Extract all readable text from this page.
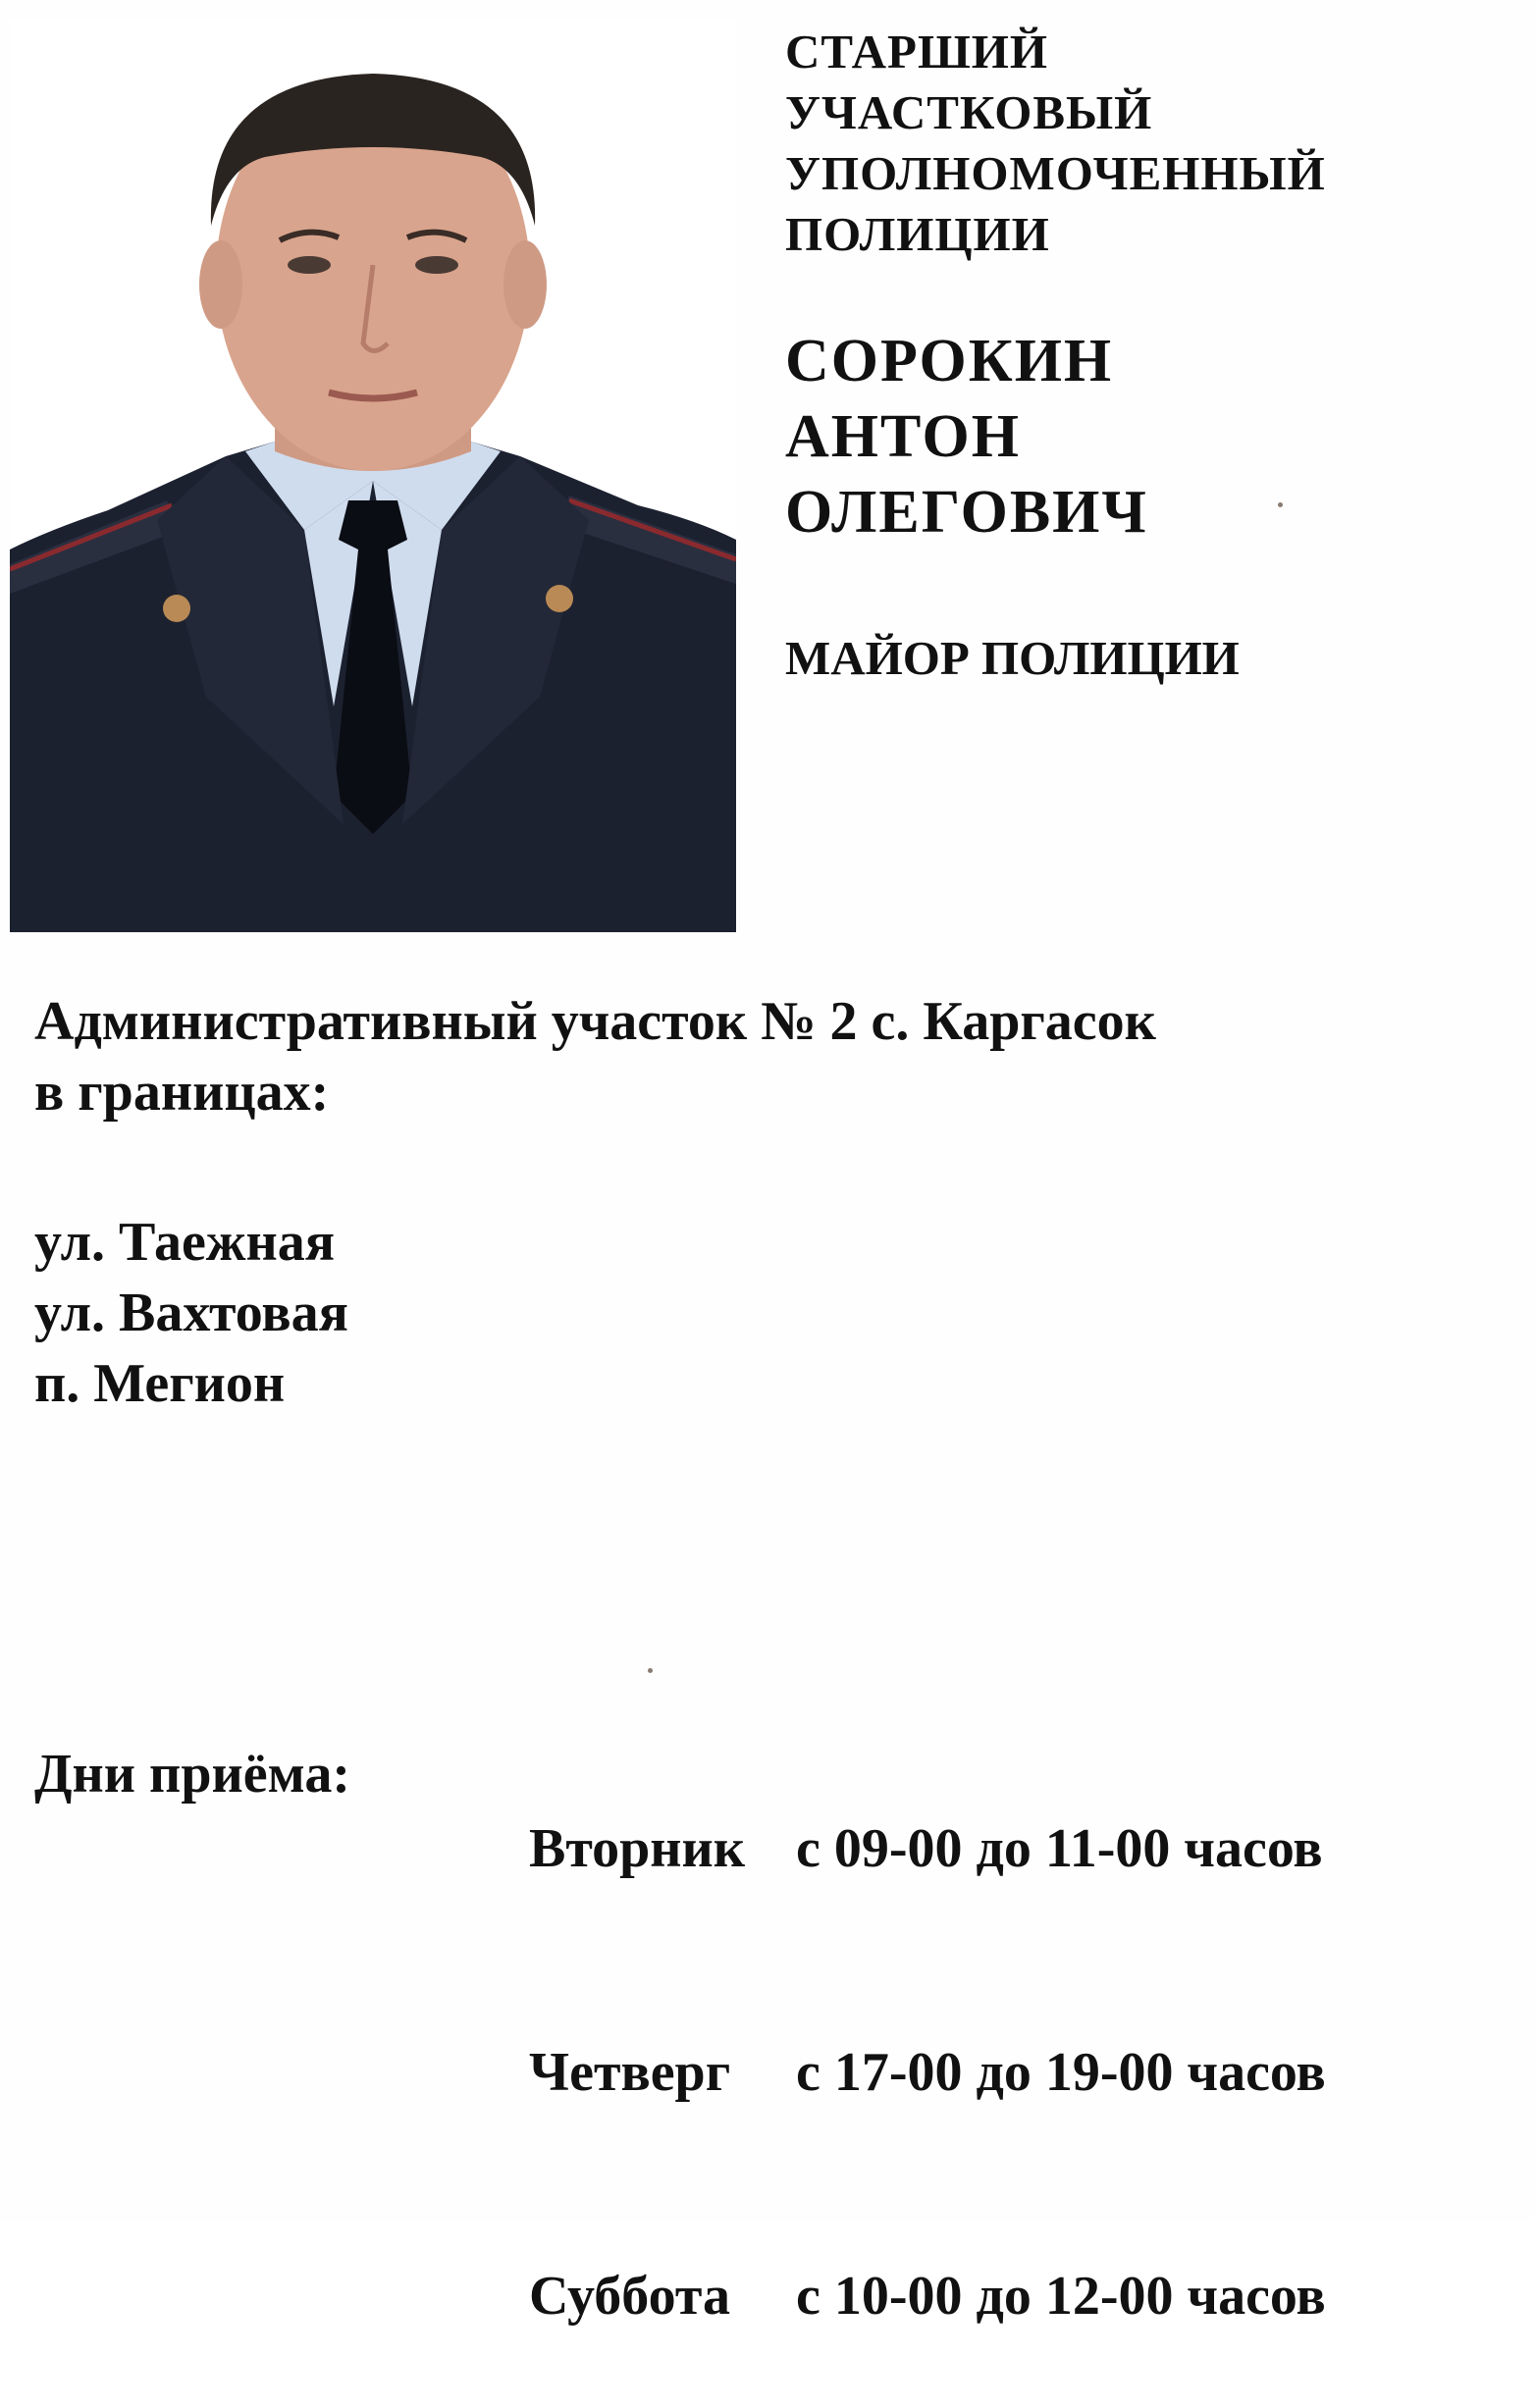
СТАРШИЙ
УЧАСТКОВЫЙ
УПОЛНОМОЧЕННЫЙ
ПОЛИЦИИ
СОРОКИН
АНТОН
ОЛЕГОВИЧ
МАЙОР ПОЛИЦИИ
Административный участок № 2 с. Каргасок
в границах:
ул. Таежная
ул. Вахтовая
п. Мегион
Дни приёма:

Вторник с 09-00 до 11-00 часов

Четверг с 17-00 до 19-00 часов

Суббота с 10-00 до 12-00 часов
